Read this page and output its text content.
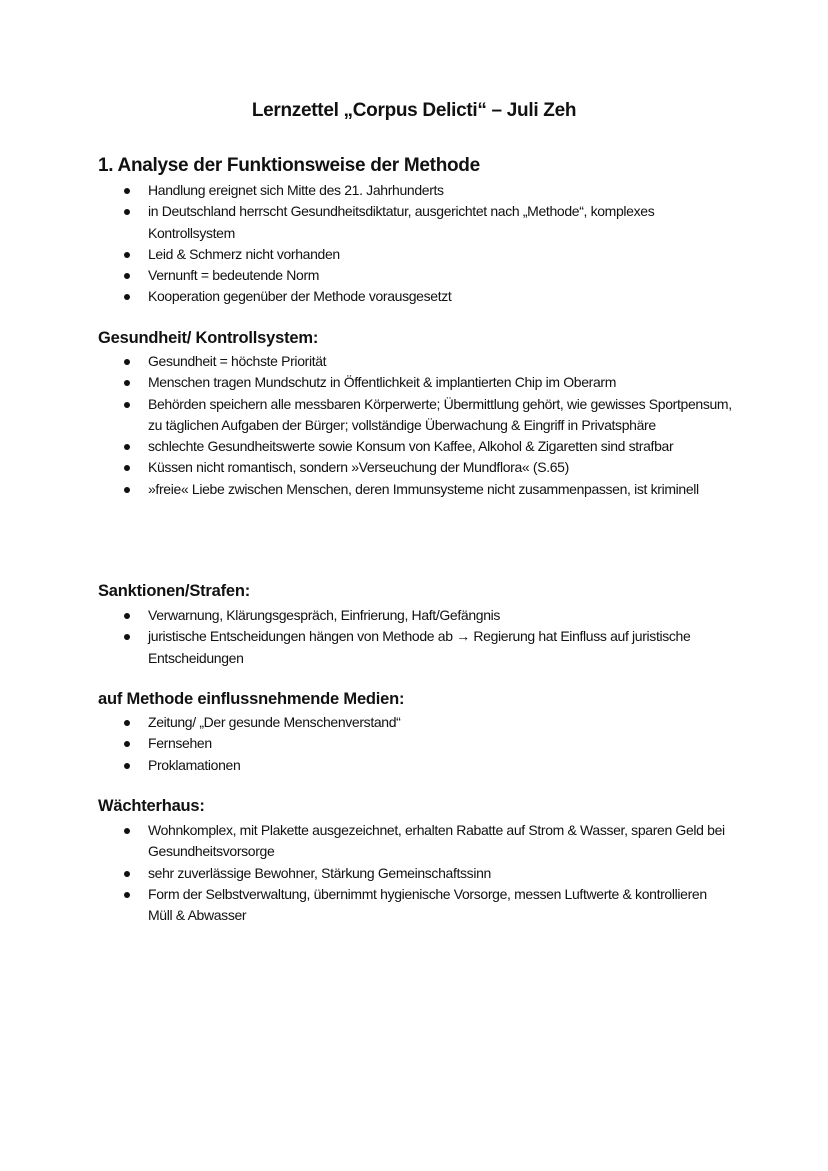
Lernzettel „Corpus Delicti“ – Juli Zeh
1. Analyse der Funktionsweise der Methode
Handlung ereignet sich Mitte des 21. Jahrhunderts
in Deutschland herrscht Gesundheitsdiktatur, ausgerichtet nach „Methode“, komplexes Kontrollsystem
Leid & Schmerz nicht vorhanden
Vernunft = bedeutende Norm
Kooperation gegenüber der Methode vorausgesetzt
Gesundheit/ Kontrollsystem:
Gesundheit = höchste Priorität
Menschen tragen Mundschutz in Öffentlichkeit & implantierten Chip im Oberarm
Behörden speichern alle messbaren Körperwerte; Übermittlung gehört, wie gewisses Sportpensum, zu täglichen Aufgaben der Bürger; vollständige Überwachung & Eingriff in Privatsphäre
schlechte Gesundheitswerte sowie Konsum von Kaffee, Alkohol & Zigaretten sind strafbar
Küssen nicht romantisch, sondern »Verseuchung der Mundflora« (S.65)
»freie« Liebe zwischen Menschen, deren Immunsysteme nicht zusammenpassen, ist kriminell
Sanktionen/Strafen:
Verwarnung, Klärungsgespräch, Einfrierung, Haft/Gefängnis
juristische Entscheidungen hängen von Methode ab → Regierung hat Einfluss auf juristische Entscheidungen
auf Methode einflussnehmende Medien:
Zeitung/ „Der gesunde Menschenverstand“
Fernsehen
Proklamationen
Wächterhaus:
Wohnkomplex, mit Plakette ausgezeichnet, erhalten Rabatte auf Strom & Wasser, sparen Geld bei Gesundheitsvorsorge
sehr zuverlässige Bewohner, Stärkung Gemeinschaftssinn
Form der Selbstverwaltung, übernimmt hygienische Vorsorge, messen Luftwerte & kontrollieren Müll & Abwasser
